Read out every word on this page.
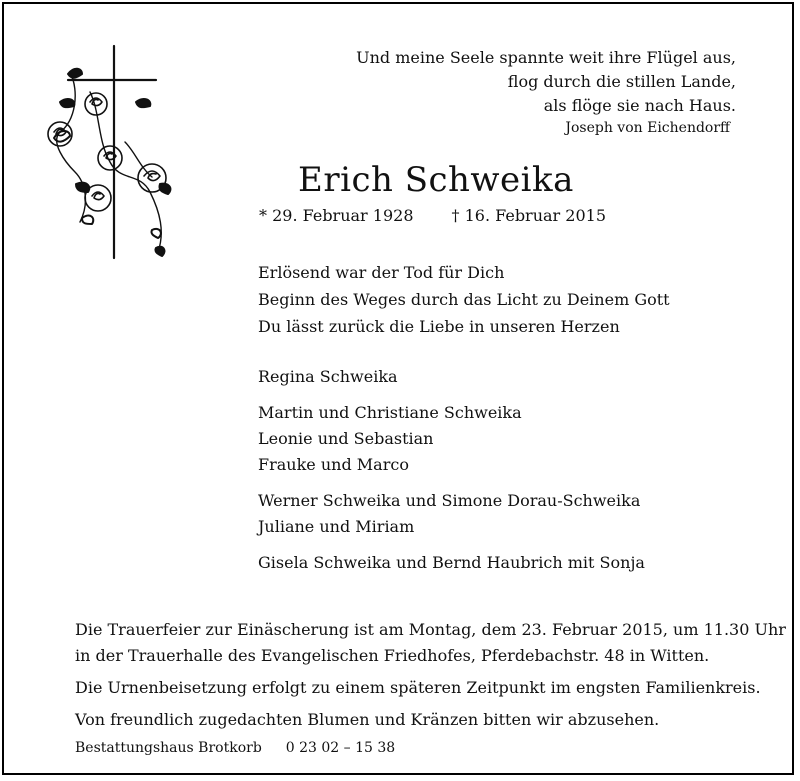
Und meine Seele spannte weit ihre Flügel aus,
flog durch die stillen Lande,
als flöge sie nach Haus.
Joseph von Eichendorff
Erich Schweika
* 29. Februar 1928 † 16. Februar 2015
Erlösend war der Tod für Dich
Beginn des Weges durch das Licht zu Deinem Gott
Du lässt zurück die Liebe in unseren Herzen
Regina Schweika
Martin und Christiane Schweika
Leonie und Sebastian
Frauke und Marco
Werner Schweika und Simone Dorau-Schweika
Juliane und Miriam
Gisela Schweika und Bernd Haubrich mit Sonja
Die Trauerfeier zur Einäscherung ist am Montag, dem 23. Februar 2015, um 11.30 Uhr
in der Trauerhalle des Evangelischen Friedhofes, Pferdebachstr. 48 in Witten.
Die Urnenbeisetzung erfolgt zu einem späteren Zeitpunkt im engsten Familienkreis.
Von freundlich zugedachten Blumen und Kränzen bitten wir abzusehen.
Bestattungshaus Brotkorb 0 23 02 – 15 38
